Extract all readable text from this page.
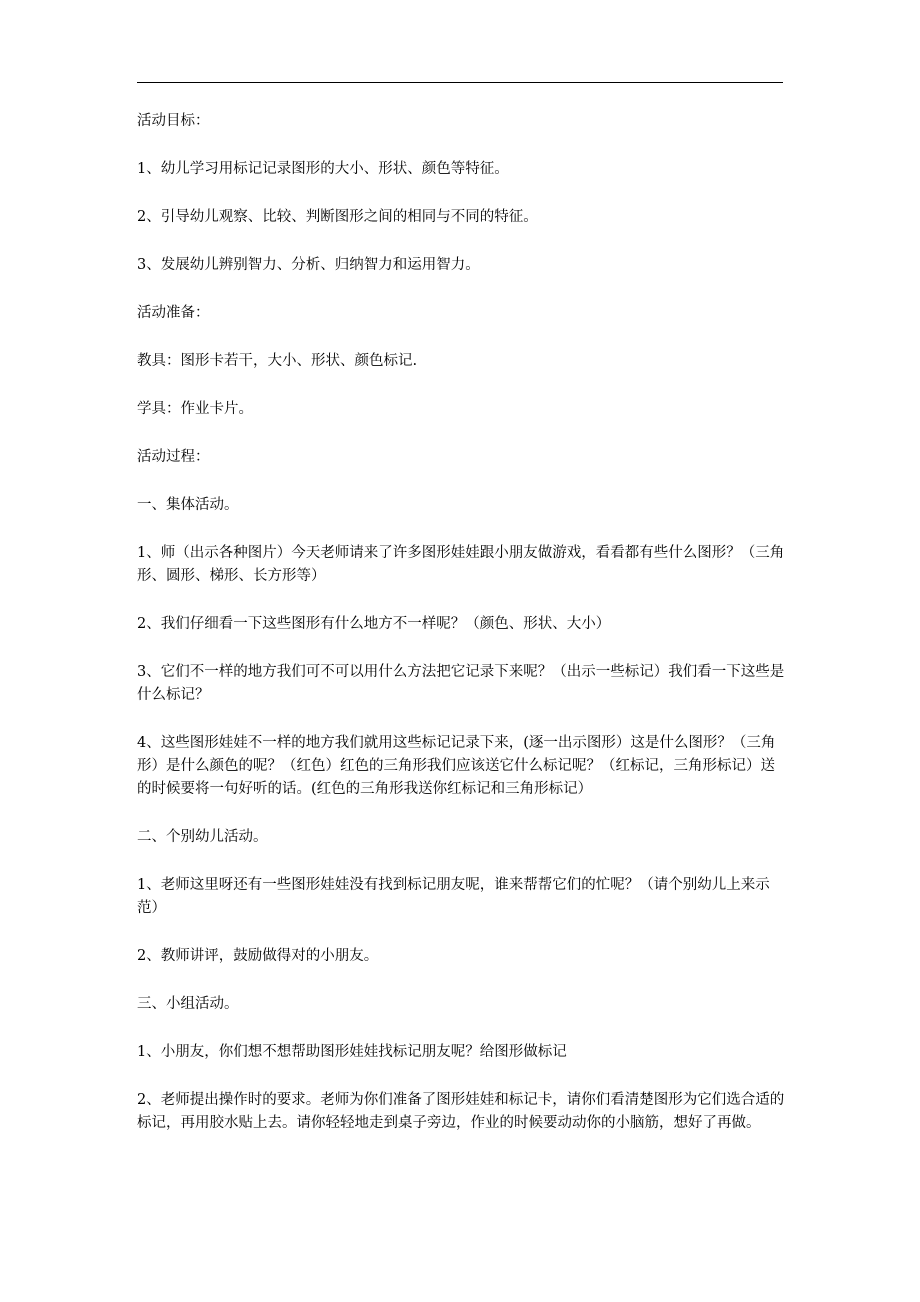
活动目标：

1、幼儿学习用标记记录图形的大小、形状、颜色等特征。

2、引导幼儿观察、比较、判断图形之间的相同与不同的特征。

3、发展幼儿辨别智力、分析、归纳智力和运用智力。

活动准备：

教具：图形卡若干，大小、形状、颜色标记.

学具：作业卡片。

活动过程：

一、集体活动。

1、师（出示各种图片）今天老师请来了许多图形娃娃跟小朋友做游戏，看看都有些什么图形？（三角形、圆形、梯形、长方形等）

2、我们仔细看一下这些图形有什么地方不一样呢？（颜色、形状、大小）

3、它们不一样的地方我们可不可以用什么方法把它记录下来呢？（出示一些标记）我们看一下这些是什么标记？

4、这些图形娃娃不一样的地方我们就用这些标记记录下来，(逐一出示图形）这是什么图形？（三角形）是什么颜色的呢？（红色）红色的三角形我们应该送它什么标记呢？（红标记，三角形标记）送的时候要将一句好听的话。(红色的三角形我送你红标记和三角形标记）

二、个别幼儿活动。

1、老师这里呀还有一些图形娃娃没有找到标记朋友呢，谁来帮帮它们的忙呢？（请个别幼儿上来示范）

2、教师讲评，鼓励做得对的小朋友。

三、小组活动。

1、小朋友，你们想不想帮助图形娃娃找标记朋友呢？给图形做标记

2、老师提出操作时的要求。老师为你们准备了图形娃娃和标记卡，请你们看清楚图形为它们选合适的标记，再用胶水贴上去。请你轻轻地走到桌子旁边，作业的时候要动动你的小脑筋，想好了再做。
